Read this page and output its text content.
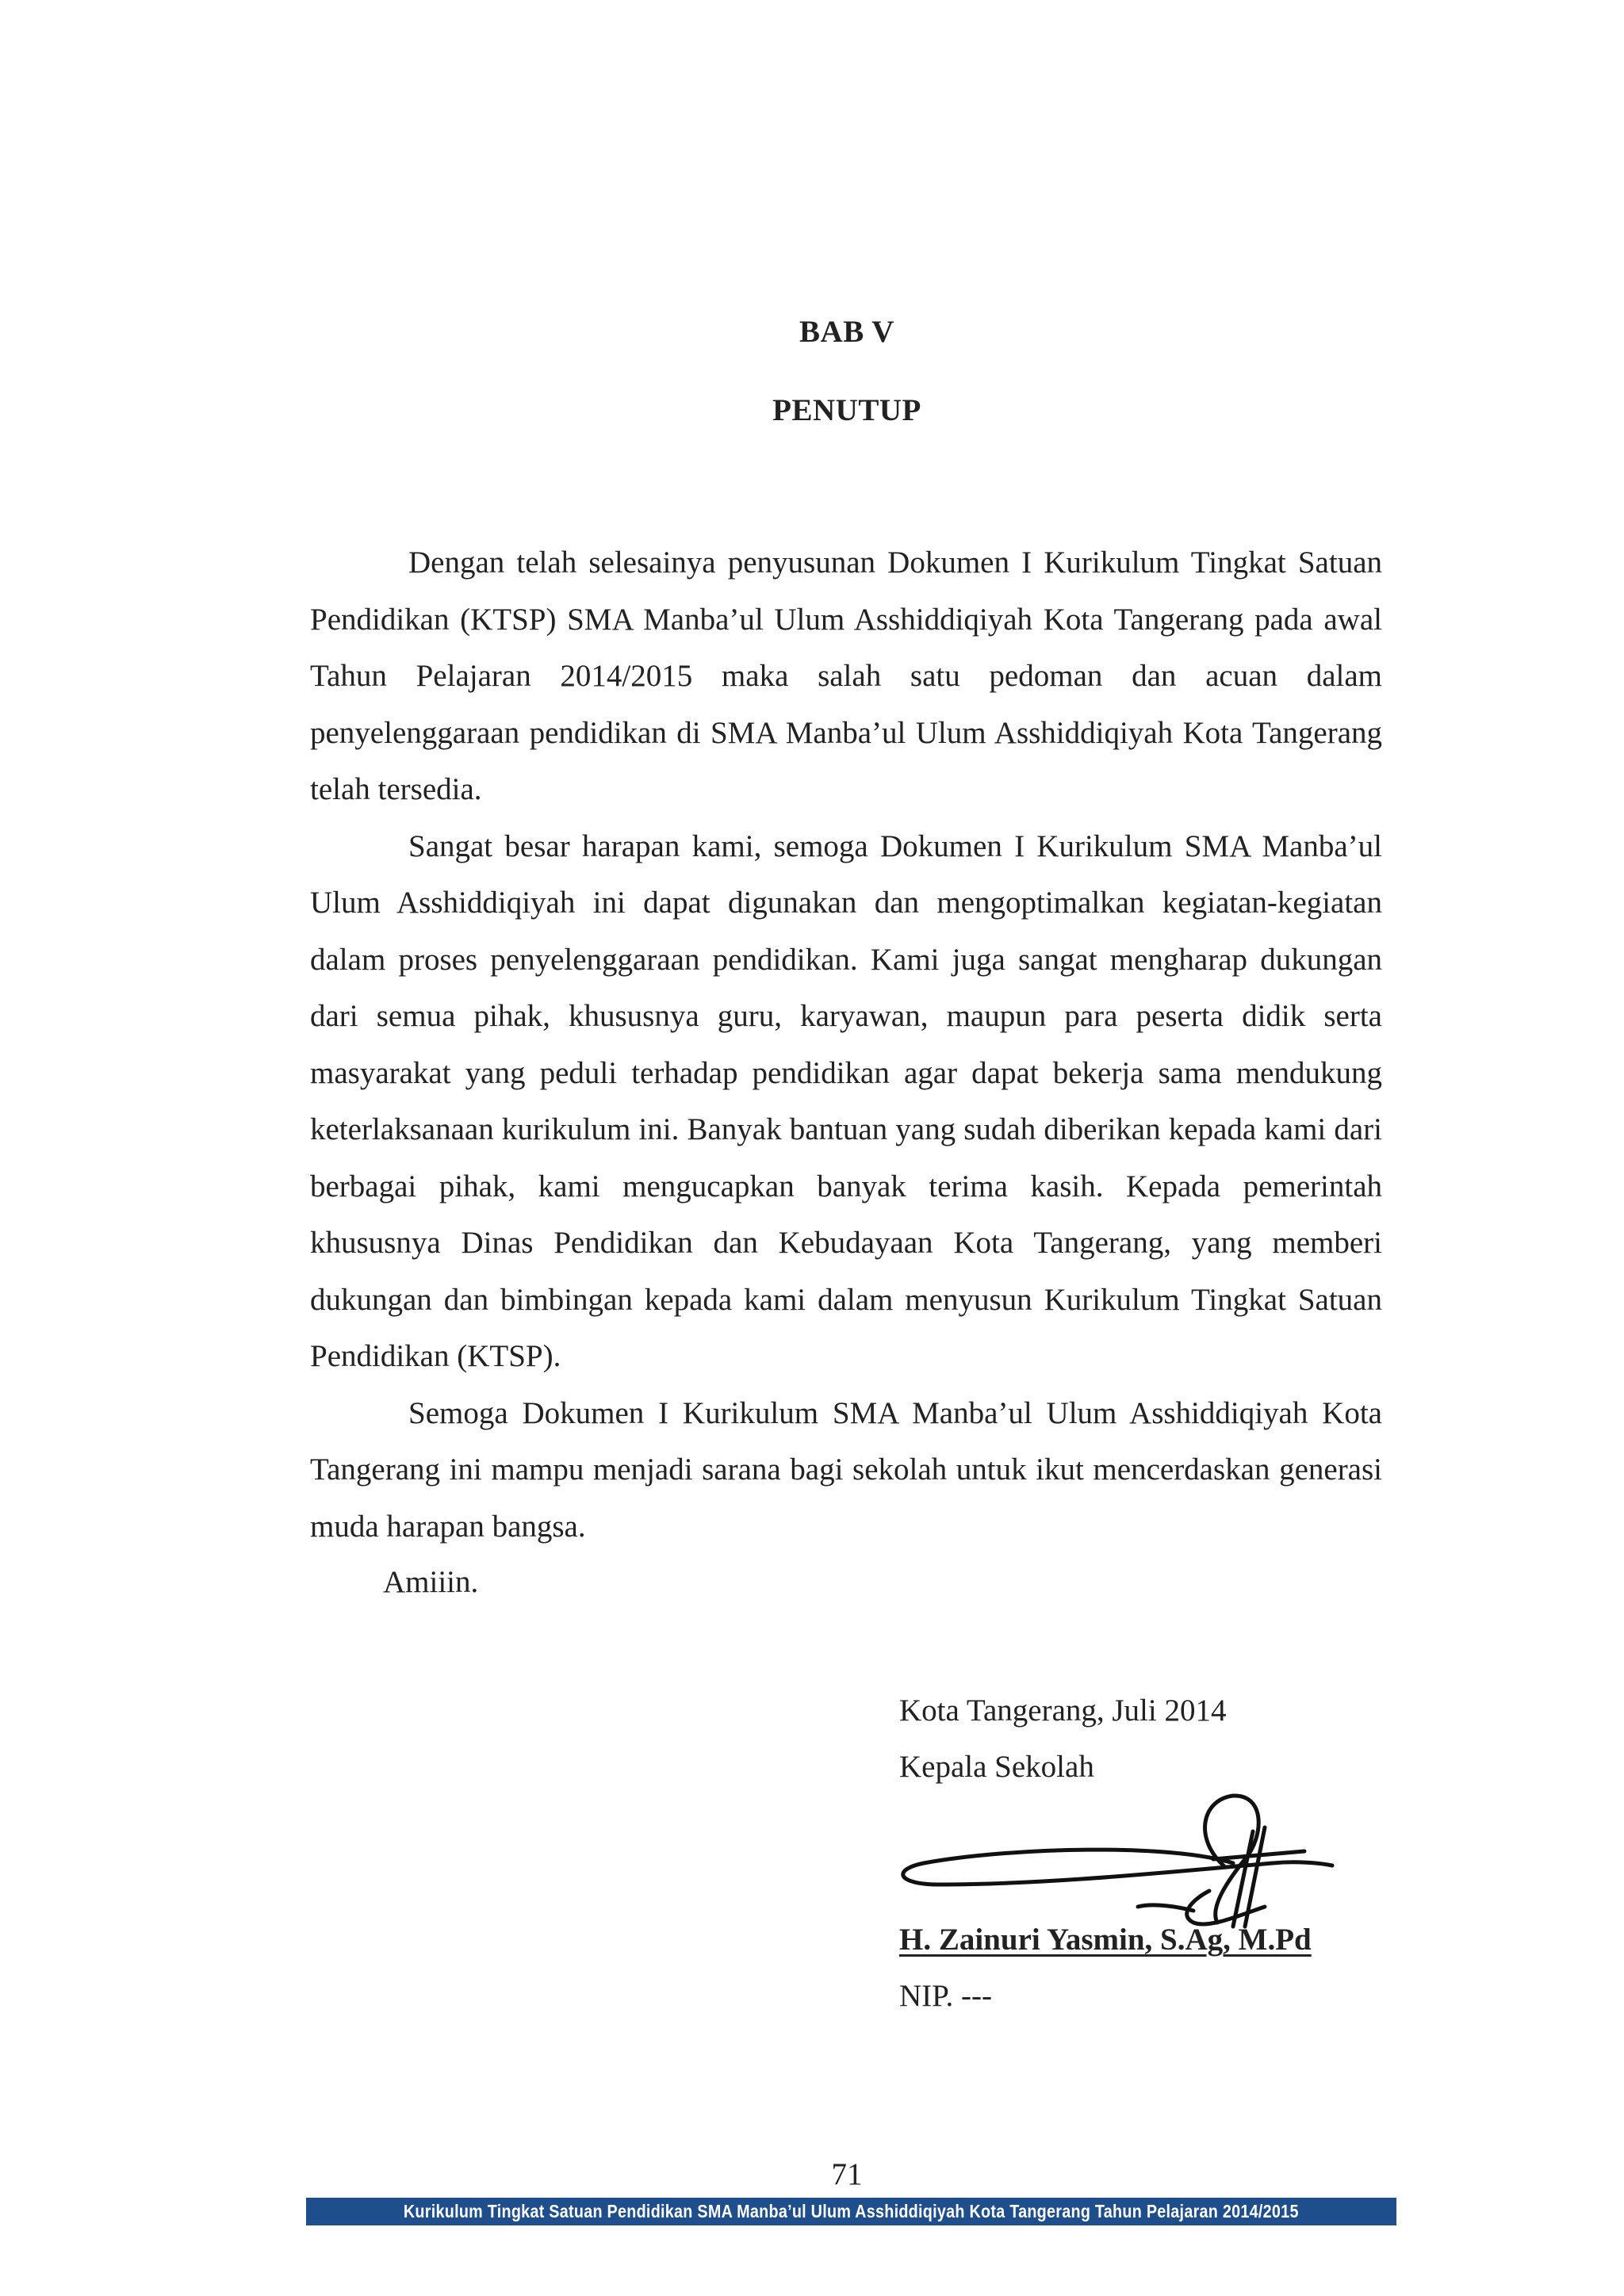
BAB V
PENUTUP

Dengan telah selesainya penyusunan Dokumen I Kurikulum Tingkat Satuan Pendidikan (KTSP) SMA Manba’ul Ulum Asshiddiqiyah Kota Tangerang pada awal Tahun Pelajaran 2014/2015 maka salah satu pedoman dan acuan dalam penyelenggaraan pendidikan di SMA Manba’ul Ulum Asshiddiqiyah Kota Tangerang telah tersedia.

Sangat besar harapan kami, semoga Dokumen I Kurikulum SMA Manba’ul Ulum Asshiddiqiyah ini dapat digunakan dan mengoptimalkan kegiatan-kegiatan dalam proses penyelenggaraan pendidikan. Kami juga sangat mengharap dukungan dari semua pihak, khususnya guru, karyawan, maupun para peserta didik serta masyarakat yang peduli terhadap pendidikan agar dapat bekerja sama mendukung keterlaksanaan kurikulum ini. Banyak bantuan yang sudah diberikan kepada kami dari berbagai pihak, kami mengucapkan banyak terima kasih. Kepada pemerintah khususnya Dinas Pendidikan dan Kebudayaan Kota Tangerang, yang memberi dukungan dan bimbingan kepada kami dalam menyusun Kurikulum Tingkat Satuan Pendidikan (KTSP).

Semoga Dokumen I Kurikulum SMA Manba’ul Ulum Asshiddiqiyah Kota Tangerang ini mampu menjadi sarana bagi sekolah untuk ikut mencerdaskan generasi muda harapan bangsa.

Amiiin.
Kota Tangerang, Juli 2014
Kepala Sekolah
H. Zainuri Yasmin, S.Ag, M.Pd
NIP. ---
71
Kurikulum Tingkat Satuan Pendidikan SMA Manba’ul Ulum Asshiddiqiyah Kota Tangerang Tahun Pelajaran 2014/2015
